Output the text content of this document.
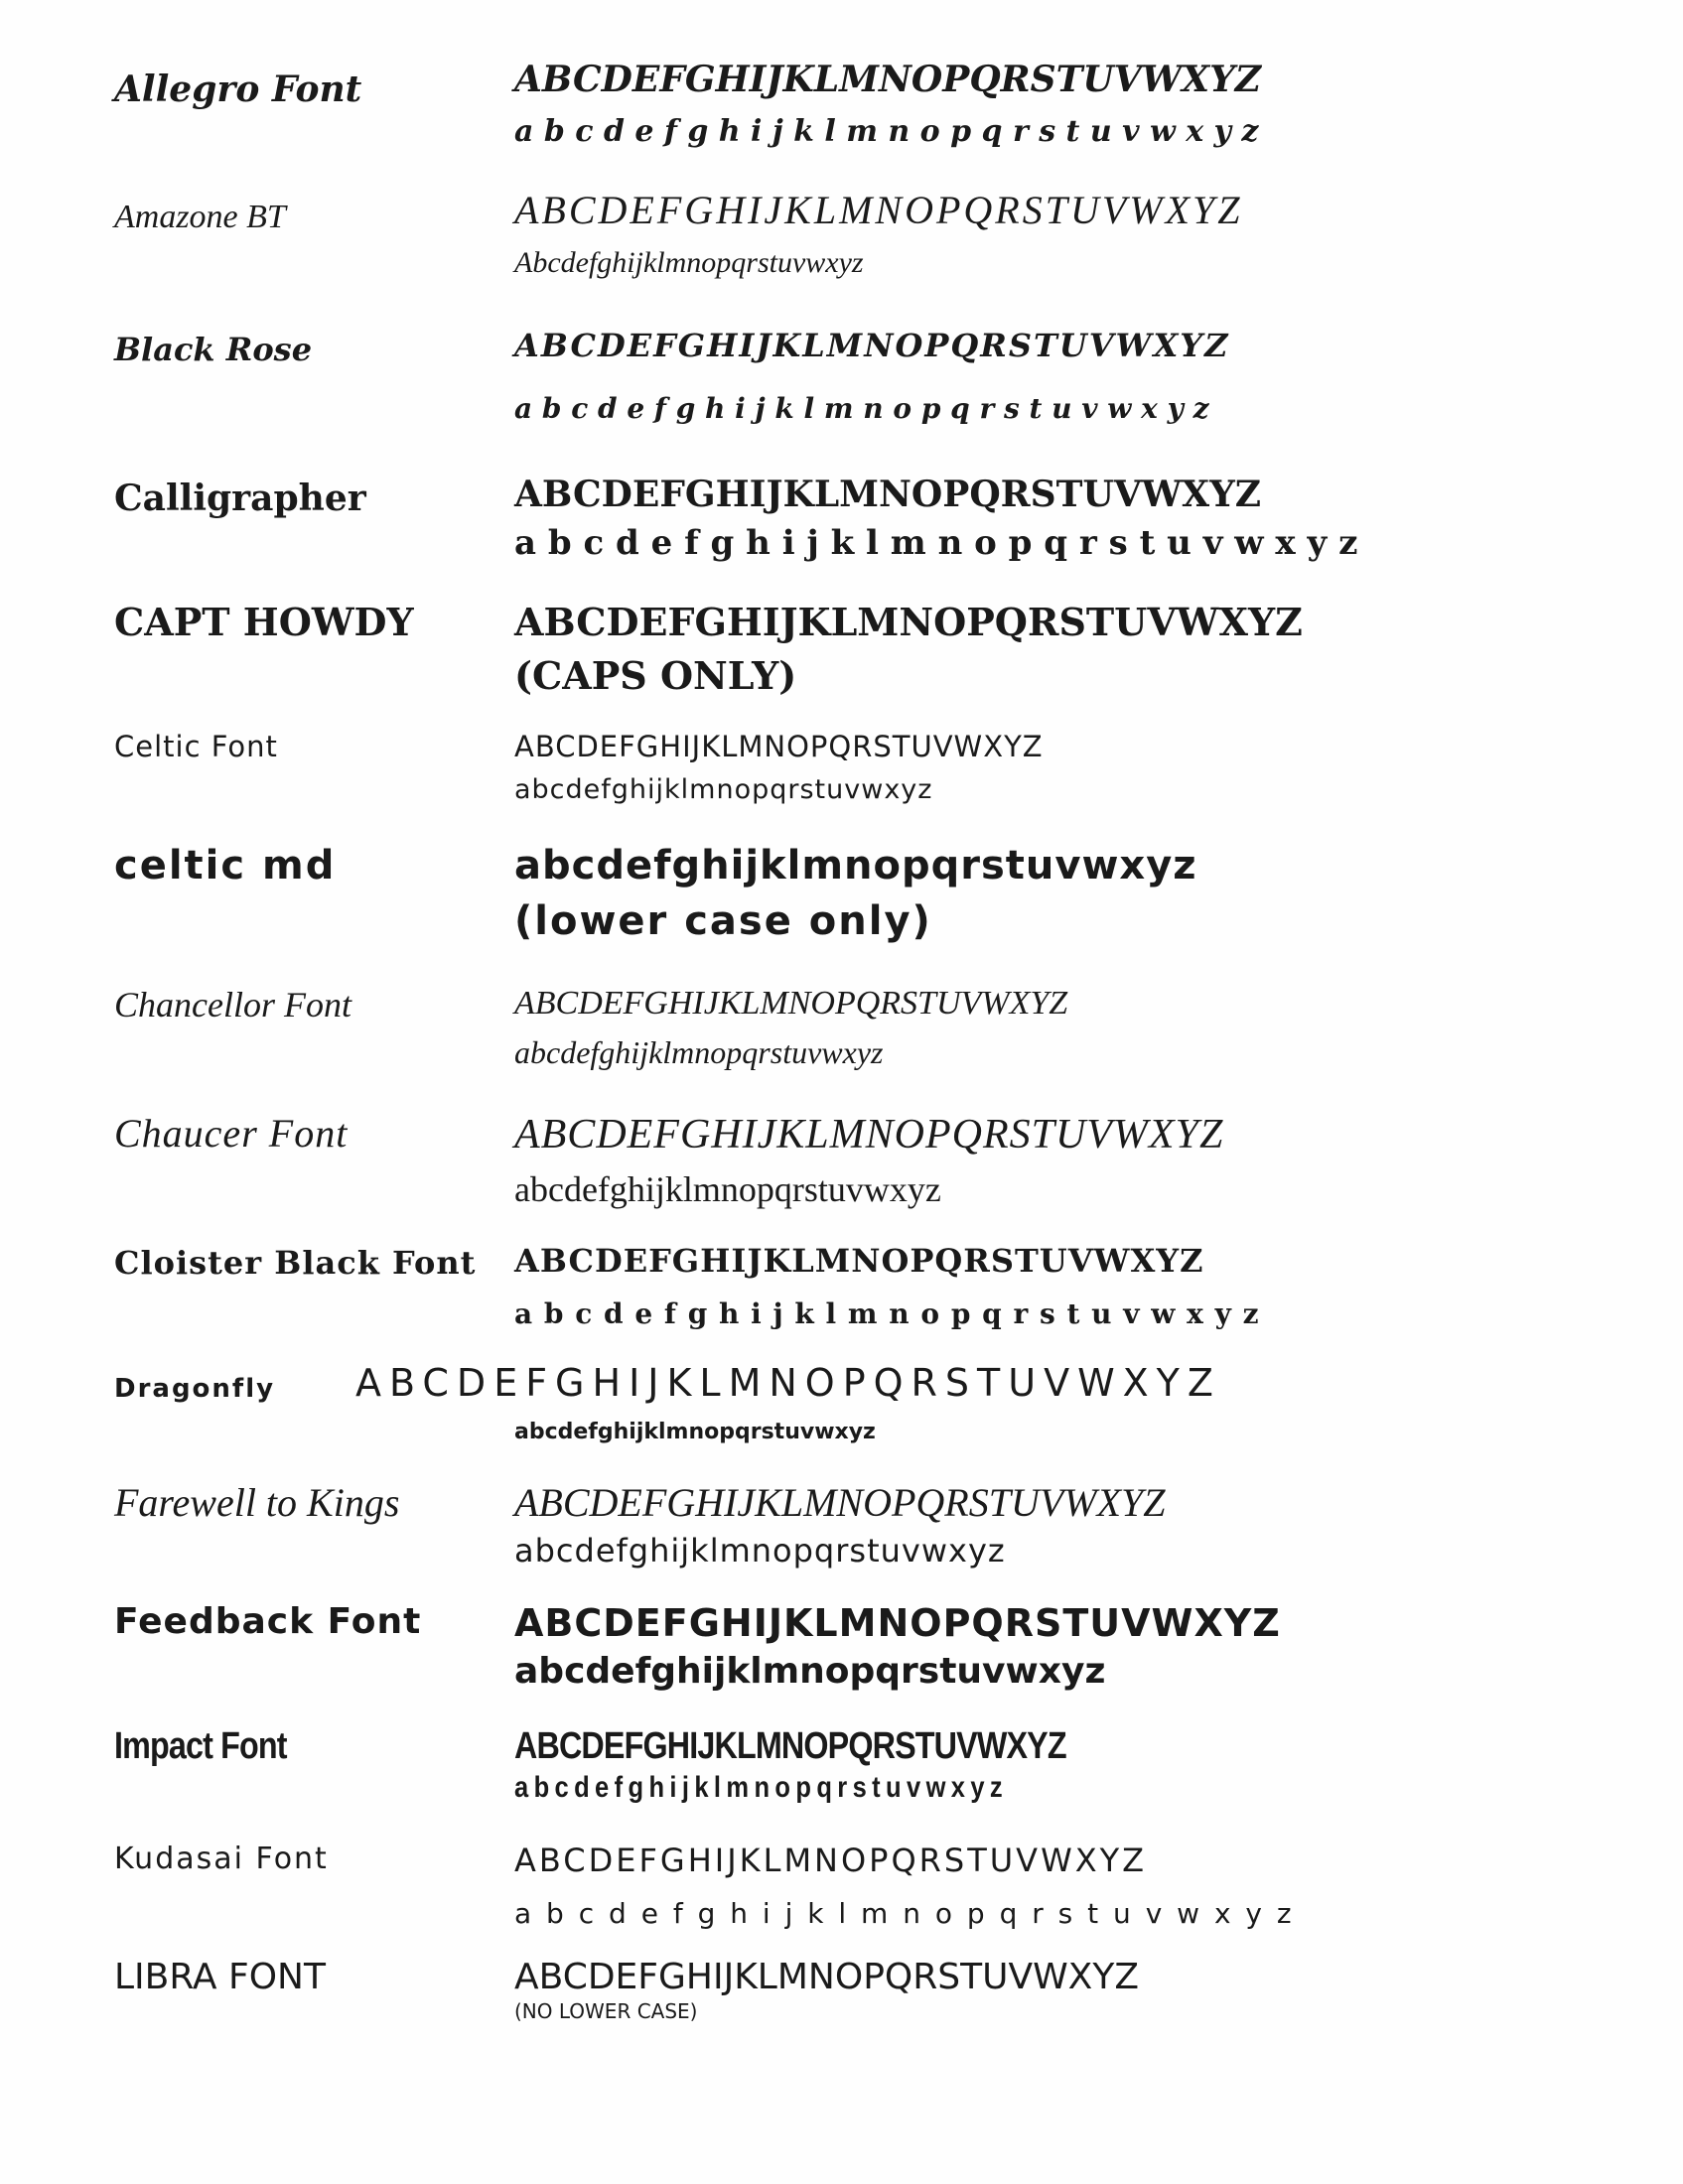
Allegro Font	ABCDEFGHIJKLMNOPQRSTUVWXYZ
a b c d e f g h i j k l m n o p q r s t u v w x y z
Amazone BT	ABCDEFGHIJKLMNOPQRSTUVWXYZ
Abcdefghijklmnopqrstuvwxyz
Black Rose	ABCDEFGHIJKLMNOPQRSTUVWXYZ
a b c d e f g h i j k l m n o p q r s t u v w x y z
Calligrapher	ABCDEFGHIJKLMNOPQRSTUVWXYZ
a b c d e f g h i j k l m n o p q r s t u v w x y z
CAPT HOWDY	ABCDEFGHIJKLMNOPQRSTUVWXYZ
(CAPS ONLY)
Celtic Font	ABCDEFGHIJKLMNOPQRSTUVWXYZ
abcdefghijklmnopqrstuvwxyz
celtic md	abcdefghijklmnopqrstuvwxyz
(lower case only)
Chancellor Font	ABCDEFGHIJKLMNOPQRSTUVWXYZ
abcdefghijklmnopqrstuvwxyz
Chaucer Font	ABCDEFGHIJKLMNOPQRSTUVWXYZ
abcdefghijklmnopqrstuvwxyz
Cloister Black Font ABCDEFGHIJKLMNOPQRSTUVWXYZ
a b c d e f g h i j k l m n o p q r s t u v w x y z
Dragonfly ABCDEFGHIJKLMNOPQRSTUVWXYZ
abcdefghijklmnopqrstuvwxyz
Farewell to Kings	ABCDEFGHIJKLMNOPQRSTUVWXYZ
abcdefghijklmnopqrstuvwxyz
Feedback Font ABCDEFGHIJKLMNOPQRSTUVWXYZ
abcdefghijklmnopqrstuvwxyz
Impact Font	ABCDEFGHIJKLMNOPQRSTUVWXYZ
a b c d e f g h i j k l m n o p q r s t u v w x y z
Kudasai Font	ABCDEFGHIJKLMNOPQRSTUVWXYZ
a b c d e f g h i j k l m n o p q r s t u v w x y z
LIBRA FONT	ABCDEFGHIJKLMNOPQRSTUVWXYZ
(NO LOWER CASE)
